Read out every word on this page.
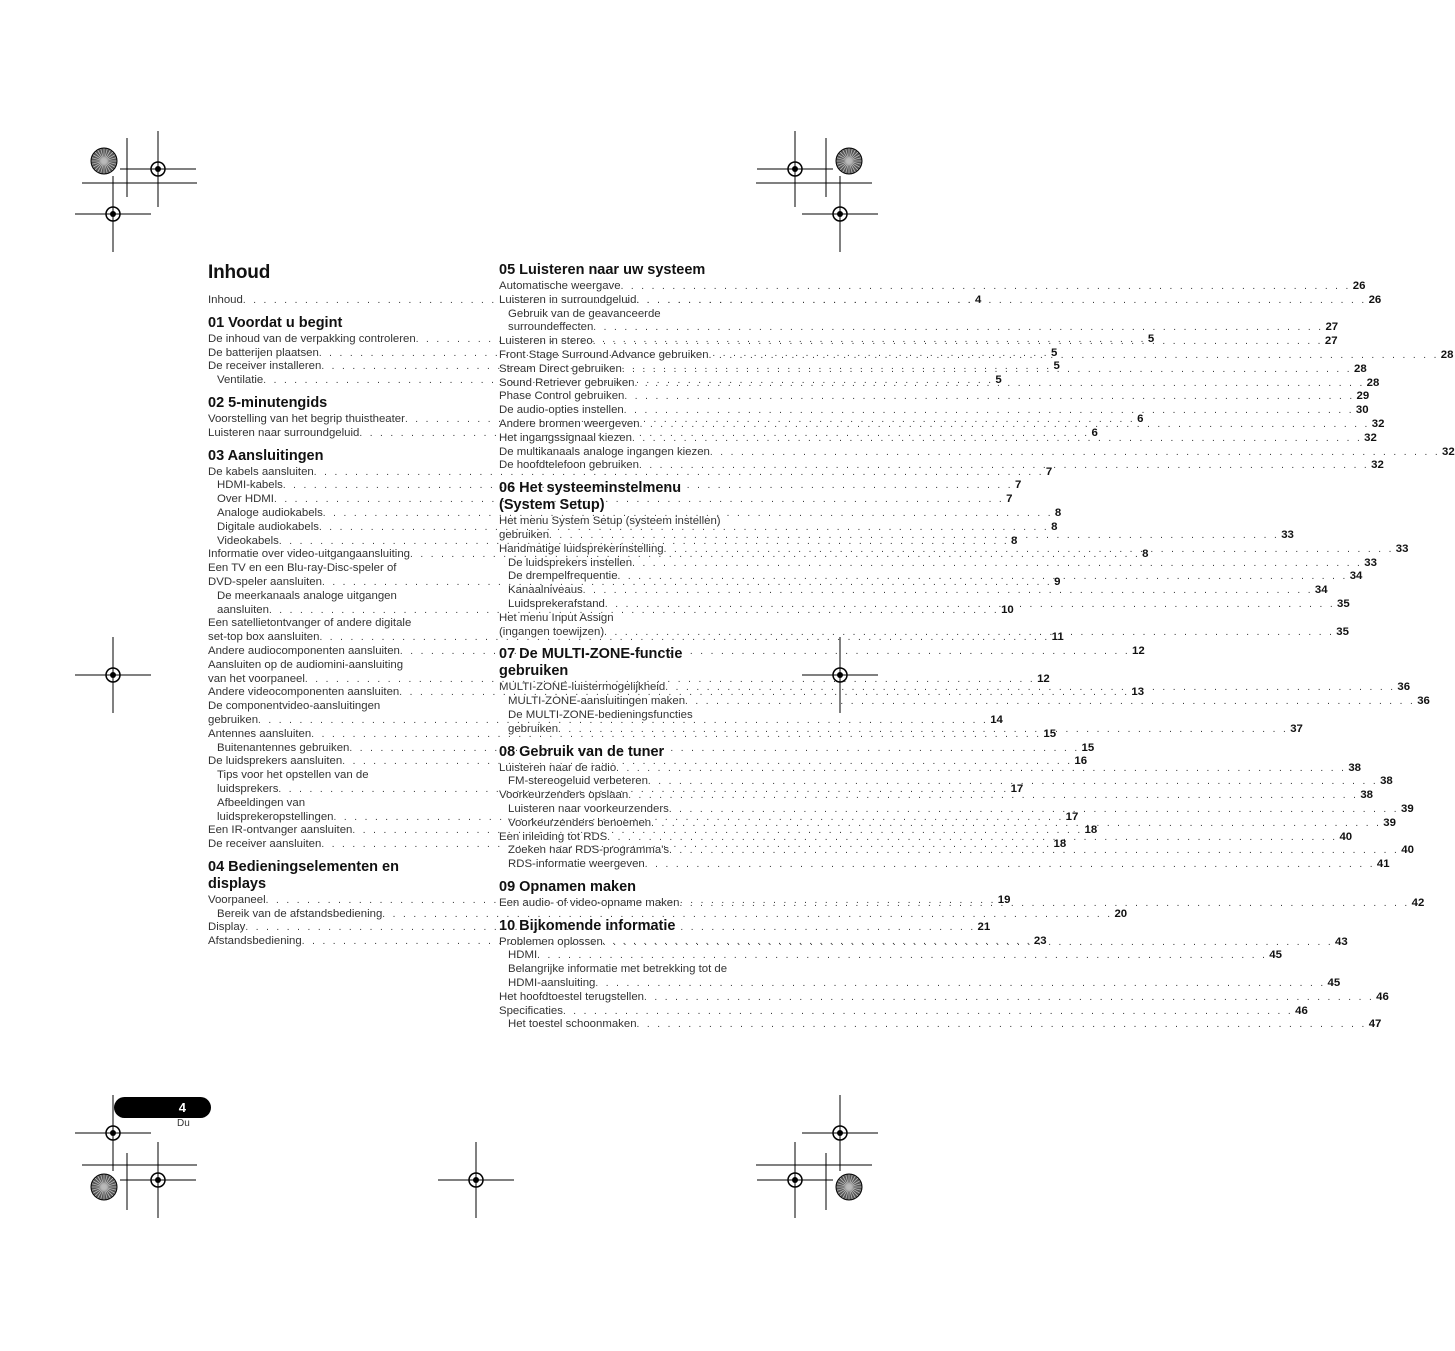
Inhoud
Inhoud . . .	4
01 Voordat u begint
De inhoud van de verpakking controleren . . .	5
De batterijen plaatsen . . .	5
De receiver installeren . . .	5
Ventilatie . . .	5
02 5-minutengids
Voorstelling van het begrip thuistheater . . .	6
Luisteren naar surroundgeluid . . .	6
03 Aansluitingen
De kabels aansluiten . . .	7
HDMI-kabels . . .	7
Over HDMI . . .	7
Analoge audiokabels . . .	8
Digitale audiokabels . . .	8
Videokabels . . .	8
Informatie over video-uitgangaansluiting . . .	8
Een TV en een Blu-ray-Disc-speler of
DVD-speler aansluiten . . .	9
De meerkanaals analoge uitgangen
aansluiten . . .	10
Een satellietontvanger of andere digitale
set-top box aansluiten . . .	11
Andere audiocomponenten aansluiten . . .	12
Aansluiten op de audiomini-aansluiting
van het voorpaneel . . .	12
Andere videocomponenten aansluiten . . .	13
De componentvideo-aansluitingen
gebruiken . . .	14
Antennes aansluiten . . .	15
Buitenantennes gebruiken . . .	15
De luidsprekers aansluiten . . .	16
Tips voor het opstellen van de
luidsprekers . . .	17
Afbeeldingen van
luidsprekeropstellingen . . .	17
Een IR-ontvanger aansluiten . . .	18
De receiver aansluiten . . .	18
04 Bedieningselementen en
displays
Voorpaneel . . .	19
Bereik van de afstandsbediening . . .	20
Display . . .	21
Afstandsbediening . . .	23
05 Luisteren naar uw systeem
Automatische weergave . . .	26
Luisteren in surroundgeluid . . .	26
Gebruik van de geavanceerde
surroundeffecten . . .	27
Luisteren in stereo . . .	27
Front Stage Surround Advance gebruiken . . .	28
Stream Direct gebruiken . . .	28
Sound Retriever gebruiken . . .	28
Phase Control gebruiken . . .	29
De audio-opties instellen . . .	30
Andere bronnen weergeven . . .	32
Het ingangssignaal kiezen . . .	32
De multikanaals analoge ingangen kiezen . . .	32
De hoofdtelefoon gebruiken . . .	32
06 Het systeeminstelmenu
(System Setup)
Het menu System Setup (systeem instellen)
gebruiken . . .	33
Handmatige luidsprekerinstelling . . .	33
De luidsprekers instellen . . .	33
De drempelfrequentie . . .	34
Kanaalniveaus . . .	34
Luidsprekerafstand . . .	35
Het menu Input Assign
(ingangen toewijzen) . . .	35
07 De MULTI-ZONE-functie
gebruiken
MULTI-ZONE-luistermogelijkheid . . .	36
MULTI-ZONE-aansluitingen maken . . .	36
De MULTI-ZONE-bedieningsfuncties
gebruiken . . .	37
08 Gebruik van de tuner
Luisteren naar de radio . . .	38
FM-stereogeluid verbeteren . . .	38
Voorkeurzenders opslaan . . .	38
Luisteren naar voorkeurzenders . . .	39
Voorkeurzenders benoemen . . .	39
Een inleiding tot RDS . . .	40
Zoeken naar RDS-programma's . . .	40
RDS-informatie weergeven . . .	41
09 Opnamen maken
Een audio- of video-opname maken . . .	42
10 Bijkomende informatie
Problemen oplossen . . .	43
HDMI . . .	45
Belangrijke informatie met betrekking tot de
HDMI-aansluiting . . .	45
Het hoofdtoestel terugstellen . . .	46
Specificaties . . .	46
Het toestel schoonmaken . . .	47
4
Du
